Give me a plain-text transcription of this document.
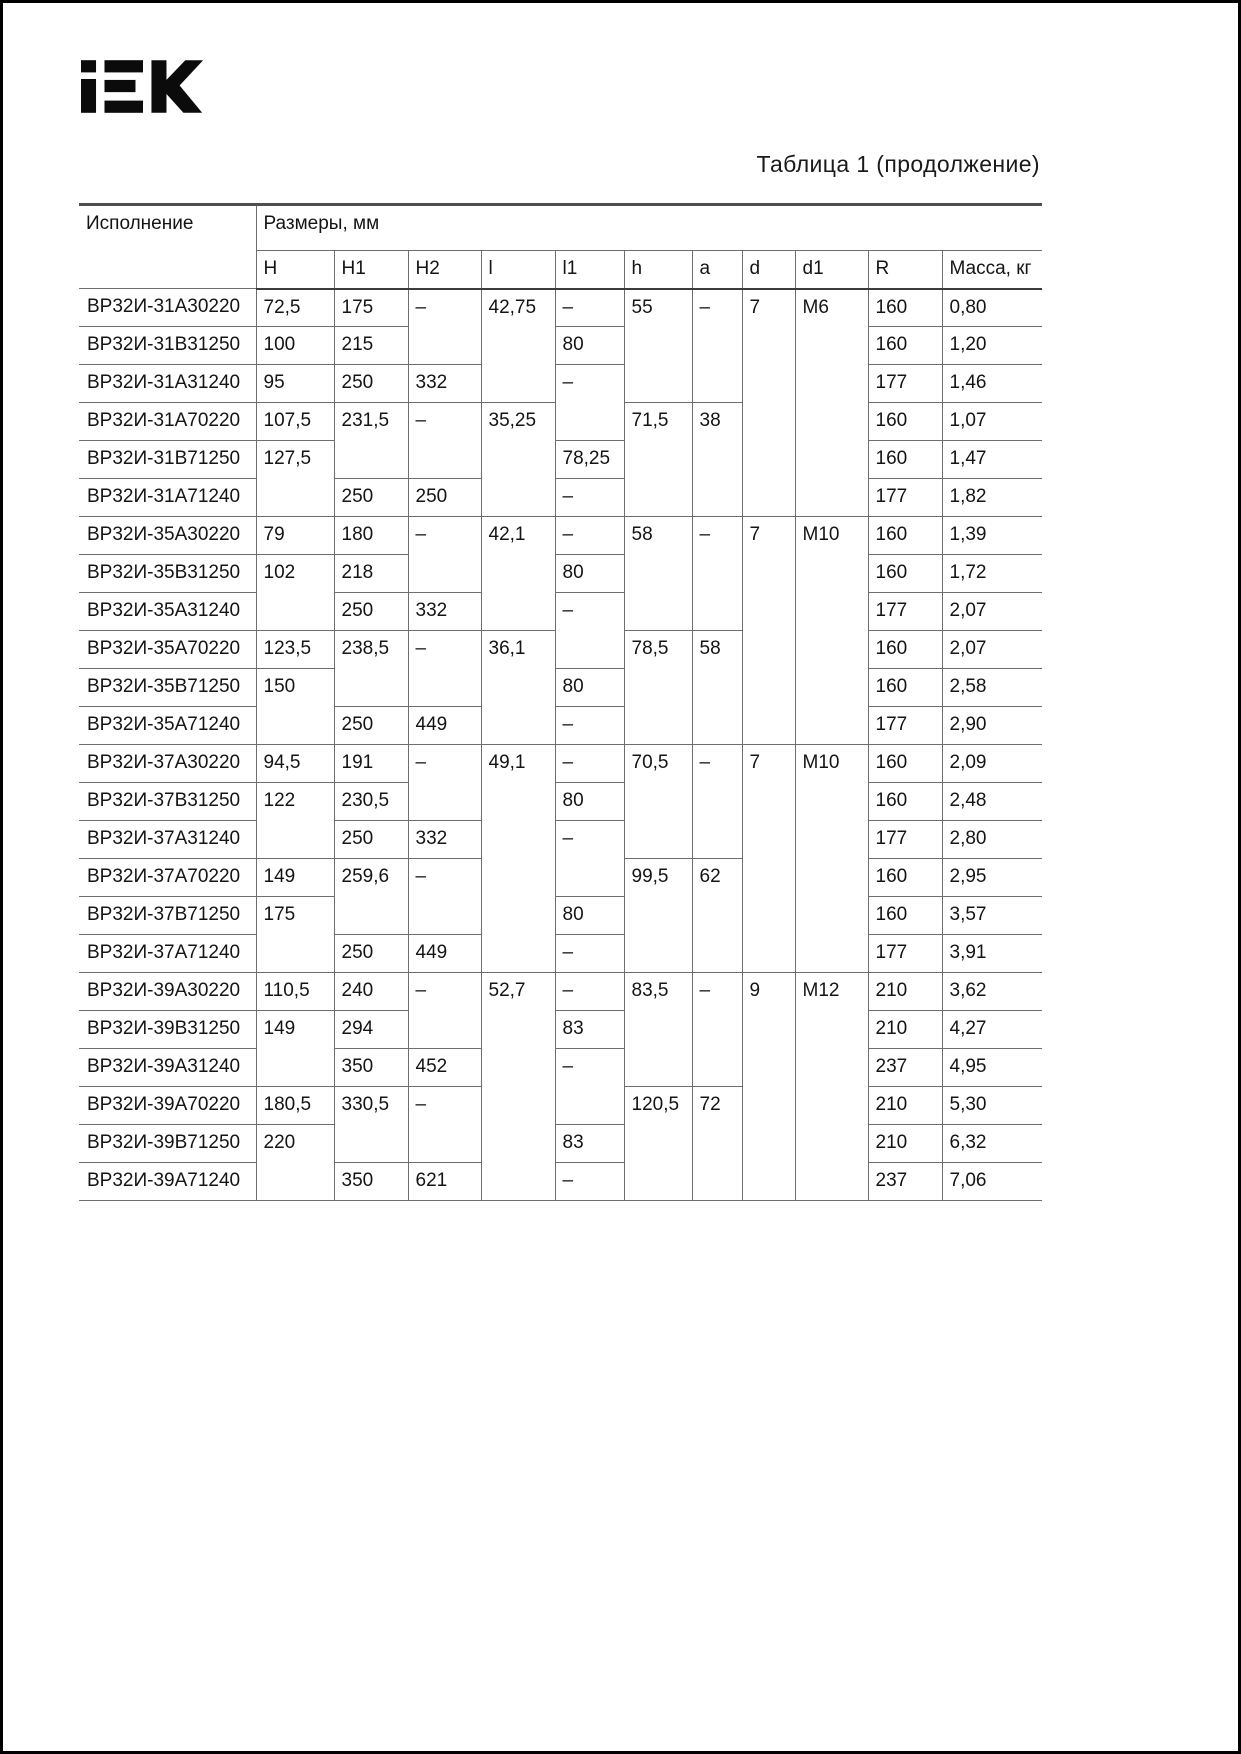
Таблица 1 (продолжение)
Исполнение	Размеры, мм										
	H	H1	H2	l	l1	h	a	d	d1	R	Масса, кг
ВР32И-31А30220	72,5	175	–	42,75	–	55	–	7	M6	160	0,80
ВР32И-31В31250	100	215			80					160	1,20
ВР32И-31А31240	95	250	332		–					177	1,46
ВР32И-31А70220	107,5	231,5	–	35,25		71,5	38			160	1,07
ВР32И-31В71250	127,5				78,25					160	1,47
ВР32И-31А71240		250	250		–					177	1,82
ВР32И-35А30220	79	180	–	42,1	–	58	–	7	M10	160	1,39
ВР32И-35В31250	102	218			80					160	1,72
ВР32И-35А31240		250	332		–					177	2,07
ВР32И-35А70220	123,5	238,5	–	36,1		78,5	58			160	2,07
ВР32И-35В71250	150				80					160	2,58
ВР32И-35А71240		250	449		–					177	2,90
ВР32И-37А30220	94,5	191	–	49,1	–	70,5	–	7	M10	160	2,09
ВР32И-37В31250	122	230,5			80					160	2,48
ВР32И-37А31240		250	332		–					177	2,80
ВР32И-37А70220	149	259,6	–			99,5	62			160	2,95
ВР32И-37В71250	175				80					160	3,57
ВР32И-37А71240		250	449		–					177	3,91
ВР32И-39А30220	110,5	240	–	52,7	–	83,5	–	9	M12	210	3,62
ВР32И-39В31250	149	294			83					210	4,27
ВР32И-39А31240		350	452		–					237	4,95
ВР32И-39А70220	180,5	330,5	–			120,5	72			210	5,30
ВР32И-39В71250	220				83					210	6,32
ВР32И-39А71240		350	621		–					237	7,06
